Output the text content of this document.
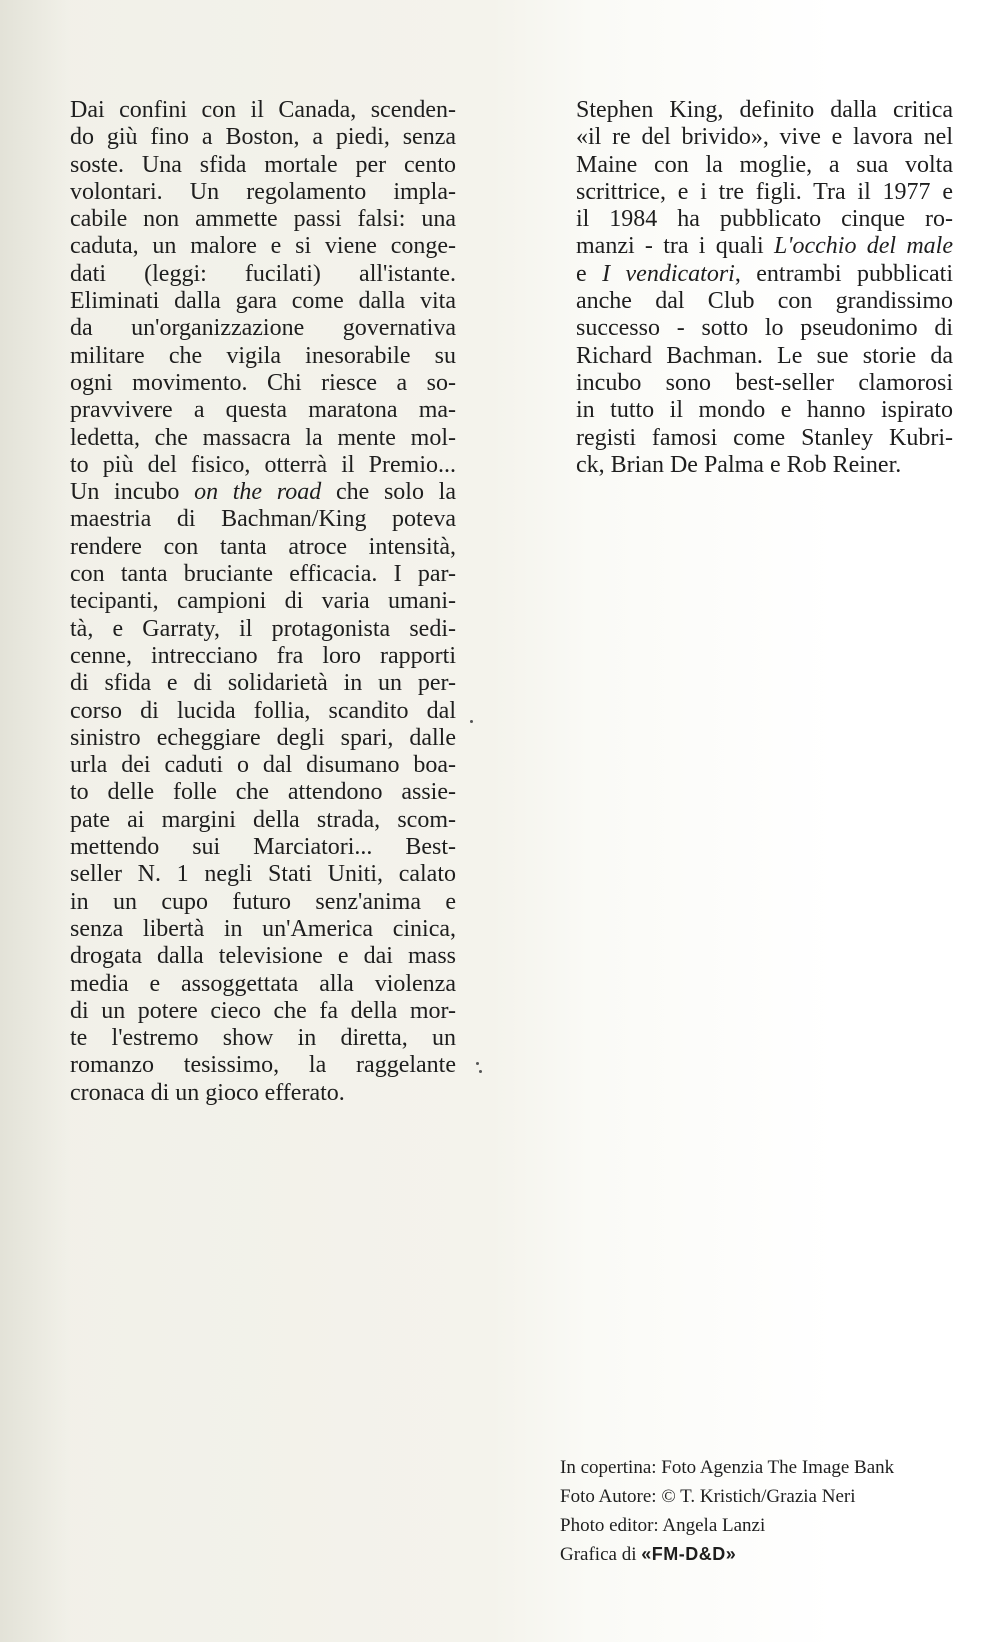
Dai confini con il Canada, scenden-
do giù fino a Boston, a piedi, senza
soste. Una sfida mortale per cento
volontari. Un regolamento impla-
cabile non ammette passi falsi: una
caduta, un malore e si viene conge-
dati (leggi: fucilati) all'istante.
Eliminati dalla gara come dalla vita
da un'organizzazione governativa
militare che vigila inesorabile su
ogni movimento. Chi riesce a so-
pravvivere a questa maratona ma-
ledetta, che massacra la mente mol-
to più del fisico, otterrà il Premio...
Un incubo on the road che solo la
maestria di Bachman/King poteva
rendere con tanta atroce intensità,
con tanta bruciante efficacia. I par-
tecipanti, campioni di varia umani-
tà, e Garraty, il protagonista sedi-
cenne, intrecciano fra loro rapporti
di sfida e di solidarietà in un per-
corso di lucida follia, scandito dal
sinistro echeggiare degli spari, dalle
urla dei caduti o dal disumano boa-
to delle folle che attendono assie-
pate ai margini della strada, scom-
mettendo sui Marciatori... Best-
seller N. 1 negli Stati Uniti, calato
in un cupo futuro senz'anima e
senza libertà in un'America cinica,
drogata dalla televisione e dai mass
media e assoggettata alla violenza
di un potere cieco che fa della mor-
te l'estremo show in diretta, un
romanzo tesissimo, la raggelante
cronaca di un gioco efferato.
Stephen King, definito dalla critica
«il re del brivido», vive e lavora nel
Maine con la moglie, a sua volta
scrittrice, e i tre figli. Tra il 1977 e
il 1984 ha pubblicato cinque ro-
manzi - tra i quali L'occhio del male
e I vendicatori, entrambi pubblicati
anche dal Club con grandissimo
successo - sotto lo pseudonimo di
Richard Bachman. Le sue storie da
incubo sono best-seller clamorosi
in tutto il mondo e hanno ispirato
registi famosi come Stanley Kubri-
ck, Brian De Palma e Rob Reiner.
In copertina: Foto Agenzia The Image Bank
Foto Autore: © T. Kristich/Grazia Neri
Photo editor: Angela Lanzi
Grafica di «FM-D&D»
